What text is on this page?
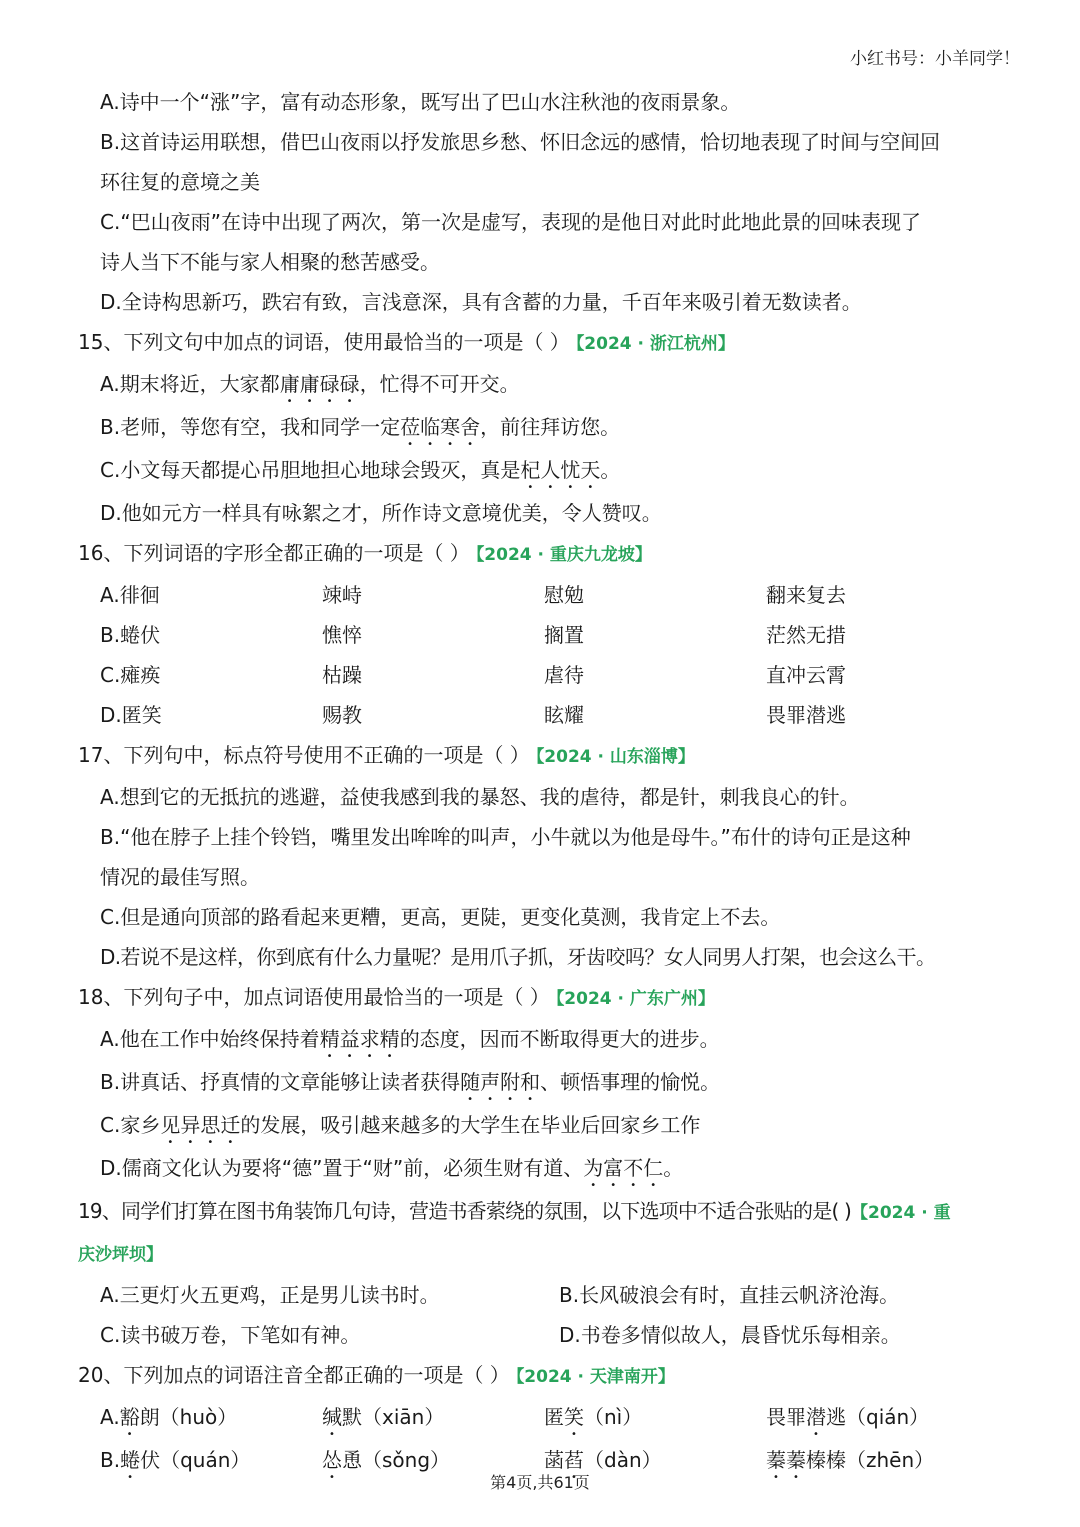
小红书号：小羊同学！
A.诗中一个“涨”字，富有动态形象，既写出了巴山水注秋池的夜雨景象。
B.这首诗运用联想，借巴山夜雨以抒发旅思乡愁、怀旧念远的感情，恰切地表现了时间与空间回
环往复的意境之美
C.“巴山夜雨”在诗中出现了两次，第一次是虚写，表现的是他日对此时此地此景的回味表现了
诗人当下不能与家人相聚的愁苦感受。
D.全诗构思新巧，跌宕有致，言浅意深，具有含蓄的力量，千百年来吸引着无数读者。
15、下列文句中加点的词语，使用最恰当的一项是（ ） 【2024 · 浙江杭州】
A.期末将近，大家都庸庸碌碌，忙得不可开交。
B.老师，等您有空，我和同学一定莅临寒舍，前往拜访您。
C.小文每天都提心吊胆地担心地球会毁灭，真是杞人忧天。
D.他如元方一样具有咏絮之才，所作诗文意境优美，令人赞叹。
16、下列词语的字形全都正确的一项是（ ） 【2024 · 重庆九龙坡】
A.徘徊	竦峙	慰勉	翻来复去
B.蜷伏	憔悴	搁置	茫然无措
C.瘫痪	枯躁	虐待	直冲云霄
D.匿笑	赐教	眩耀	畏罪潜逃
17、下列句中，标点符号使用不正确的一项是（ ） 【2024 · 山东淄博】
A.想到它的无抵抗的逃避，益使我感到我的暴怒、我的虐待，都是针，刺我良心的针。
B.“他在脖子上挂个铃铛，嘴里发出哞哞的叫声，小牛就以为他是母牛。”布什的诗句正是这种
情况的最佳写照。
C.但是通向顶部的路看起来更糟，更高，更陡，更变化莫测，我肯定上不去。
D.若说不是这样，你到底有什么力量呢？是用爪子抓，牙齿咬吗？女人同男人打架，也会这么干。
18、下列句子中，加点词语使用最恰当的一项是（ ） 【2024 · 广东广州】
A.他在工作中始终保持着精益求精的态度，因而不断取得更大的进步。
B.讲真话、抒真情的文章能够让读者获得随声附和、顿悟事理的愉悦。
C.家乡见异思迁的发展，吸引越来越多的大学生在毕业后回家乡工作
D.儒商文化认为要将“德”置于“财”前，必须生财有道、为富不仁。
19、同学们打算在图书角装饰几句诗，营造书香萦绕的氛围，以下选项中不适合张贴的是( )【2024 · 重
庆沙坪坝】
A.三更灯火五更鸡，正是男儿读书时。	B.长风破浪会有时，直挂云帆济沧海。
C.读书破万卷，下笔如有神。	D.书卷多情似故人，晨昏忧乐每相亲。
20、下列加点的词语注音全都正确的一项是（ ） 【2024 · 天津南开】
A.豁朗（huò）	缄默（xiān）	匿笑（nì）	畏罪潜逃（qián）
B.蜷伏（quán）	怂恿（sǒng）	菡萏（dàn）	蓁蓁榛榛（zhēn）
第4页,共61页
